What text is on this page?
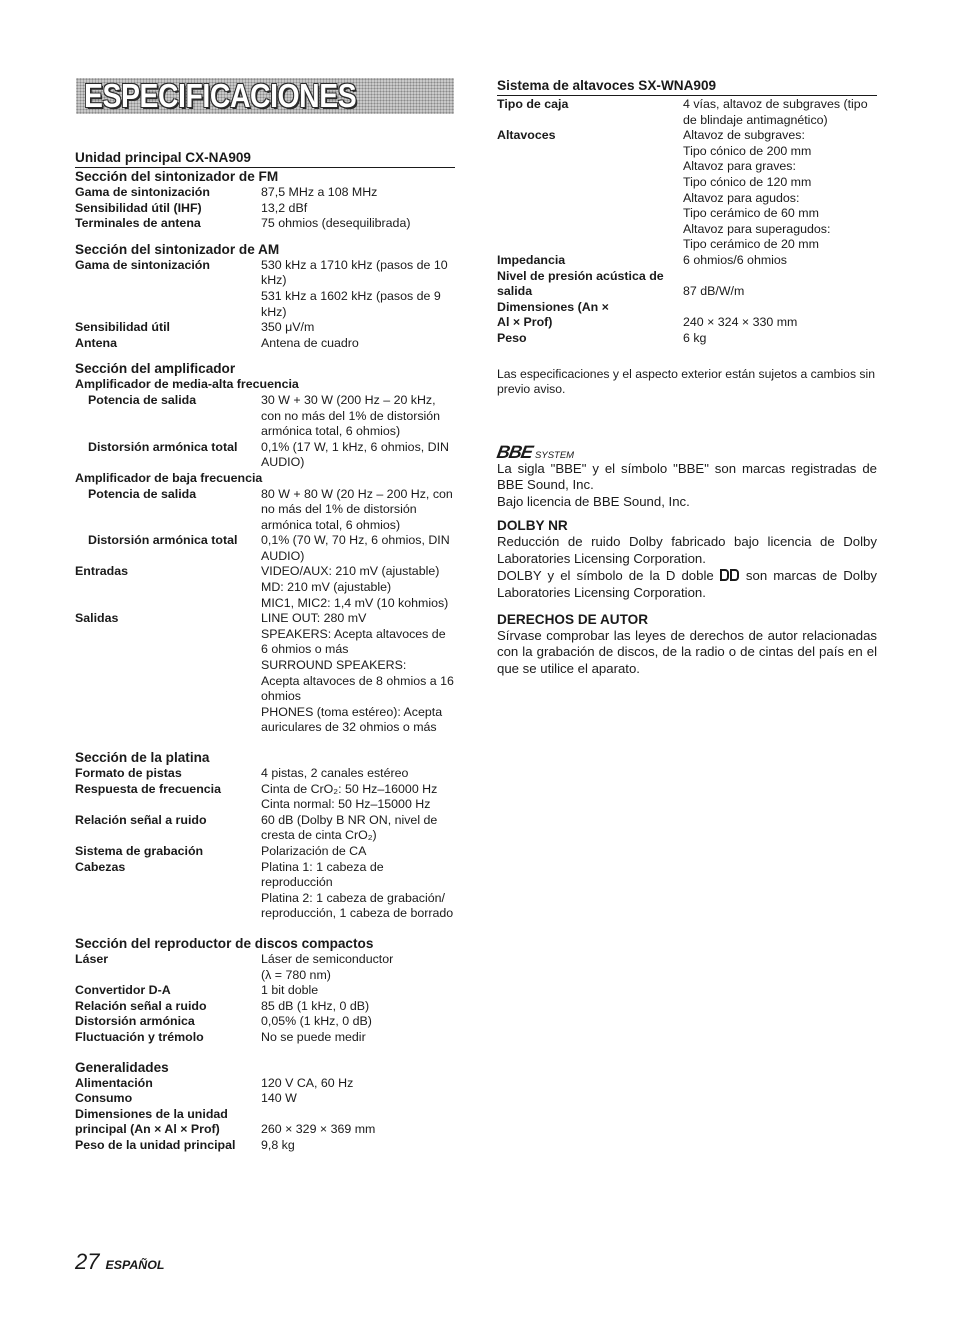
ESPECIFICACIONES
Unidad principal CX-NA909
Sección del sintonizador de FM
Gama de sintonización	87,5 MHz a 108 MHz
Sensibilidad útil (IHF)	13,2 dBf
Terminales de antena	75 ohmios (desequilibrada)
Sección del sintonizador de AM
Gama de sintonización	530 kHz a 1710 kHz (pasos de 10 kHz)
531 kHz a 1602 kHz (pasos de 9 kHz)
Sensibilidad útil	350 μV/m
Antena	Antena de cuadro
Sección del amplificador
Amplificador de media-alta frecuencia
Potencia de salida	30 W + 30 W (200 Hz – 20 kHz, con no más del 1% de distorsión armónica total, 6 ohmios)
Distorsión armónica total	0,1% (17 W, 1 kHz, 6 ohmios, DIN AUDIO)
Amplificador de baja frecuencia
Potencia de salida	80 W + 80 W (20 Hz – 200 Hz, con no más del 1% de distorsión armónica total, 6 ohmios)
Distorsión armónica total	0,1% (70 W, 70 Hz, 6 ohmios, DIN AUDIO)
Entradas	VIDEO/AUX: 210 mV (ajustable)
MD: 210 mV (ajustable)
MIC1, MIC2: 1,4 mV (10 kohmios)
Salidas	LINE OUT: 280 mV
SPEAKERS: Acepta altavoces de 6 ohmios o más
SURROUND SPEAKERS:
Acepta altavoces de 8 ohmios a 16 ohmios
PHONES (toma estéreo): Acepta auriculares de 32 ohmios o más
Sección de la platina
Formato de pistas	4 pistas, 2 canales estéreo
Respuesta de frecuencia	Cinta de CrO₂: 50 Hz–16000 Hz
Cinta normal: 50 Hz–15000 Hz
Relación señal a ruido	60 dB (Dolby B NR ON, nivel de cresta de cinta CrO₂)
Sistema de grabación	Polarización de CA
Cabezas	Platina 1: 1 cabeza de reproducción
Platina 2: 1 cabeza de grabación/ reproducción, 1 cabeza de borrado
Sección del reproductor de discos compactos
Láser	Láser de semiconductor
(λ = 780 nm)
Convertidor D-A	1 bit doble
Relación señal a ruido	85 dB (1 kHz, 0 dB)
Distorsión armónica	0,05% (1 kHz, 0 dB)
Fluctuación y trémolo	No se puede medir
Generalidades
Alimentación	120 V CA, 60 Hz
Consumo	140 W
Dimensiones de la unidad principal (An × Al × Prof)	260 × 329 × 369 mm
Peso de la unidad principal	9,8 kg
Sistema de altavoces SX-WNA909
Tipo de caja	4 vías, altavoz de subgraves (tipo de blindaje antimagnético)
Altavoces	Altavoz de subgraves:
Tipo cónico de 200 mm
Altavoz para graves:
Tipo cónico de 120 mm
Altavoz para agudos:
Tipo cerámico de 60 mm
Altavoz para superagudos:
Tipo cerámico de 20 mm
Impedancia	6 ohmios/6 ohmios
Nivel de presión acústica de salida	87 dB/W/m
Dimensiones (An × Al × Prof)	240 × 324 × 330 mm
Peso	6 kg
Las especificaciones y el aspecto exterior están sujetos a cambios sin previo aviso.
BBE SYSTEM
La sigla "BBE" y el símbolo "BBE" son marcas registradas de BBE Sound, Inc.
Bajo licencia de BBE Sound, Inc.
DOLBY NR
Reducción de ruido Dolby fabricado bajo licencia de Dolby Laboratories Licensing Corporation.
DOLBY y el símbolo de la D doble son marcas de Dolby Laboratories Licensing Corporation.
DERECHOS DE AUTOR
Sírvase comprobar las leyes de derechos de autor relacionadas con la grabación de discos, de la radio o de cintas del país en el que se utilice el aparato.
27 ESPAÑOL
